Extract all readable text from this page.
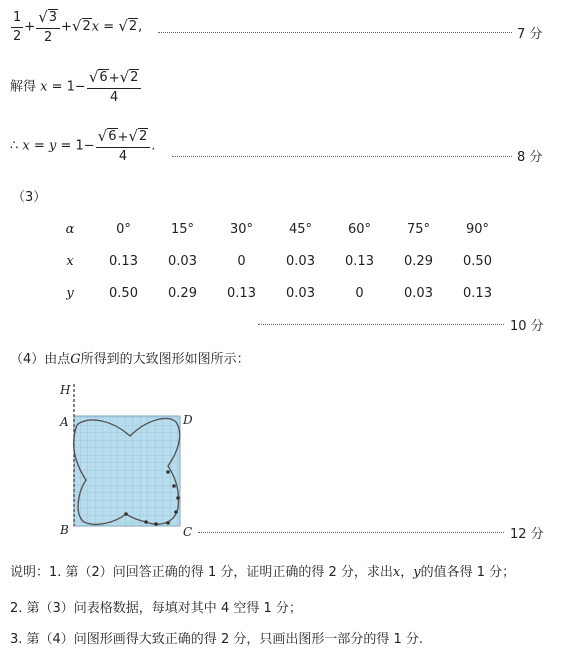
$\frac{1}{2} + \frac{√ 3}{2}$ + √ 2 x = √ 2 ,	7 分
解得 $x = 1- \frac{√ 6 + √ 2}{4}$
∴ $x = y = 1- \frac{√ 6 + √ 2}{4}$ .
8 分
（3）
α	0°	15°	30°	45°	60°	75°	90°
x	0.13	0.03	0	0.03	0.13	0.29	0.50
y	0.50	0.29	0.13	0.03	0	0.03	0.13
10 分
（4）由点G所得到的大致图形如图所示：
H
A	D
B	C	12 分
说明：1. 第（2）问回答正确的得 1 分，证明正确的得 2 分，求出x，y的值各得 1 分；
2. 第（3）问表格数据，每填对其中 4 空得 1 分；
3. 第（4）问图形画得大致正确的得 2 分，只画出图形一部分的得 1 分.
